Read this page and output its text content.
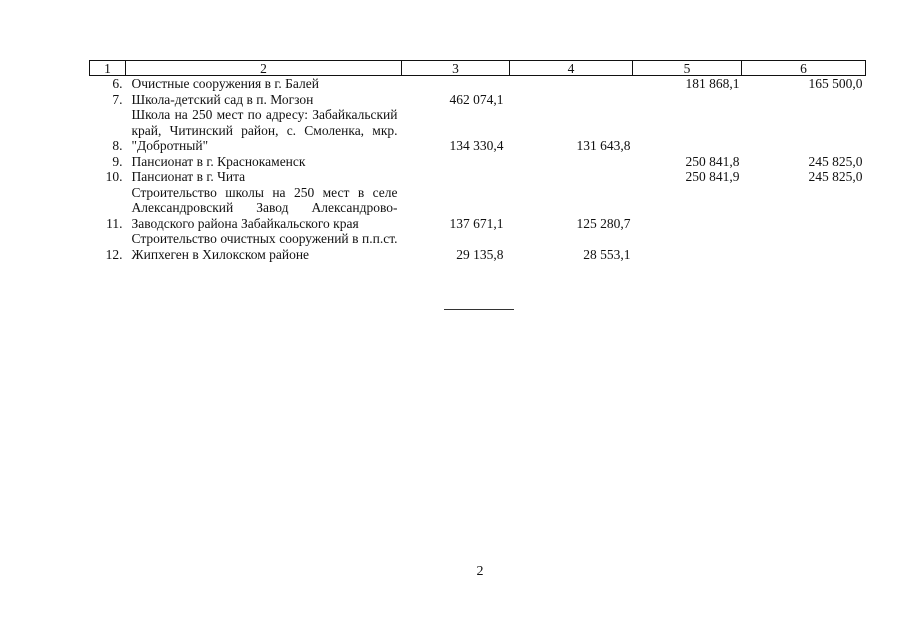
1	2	3	4	5	6
6.	Очистные сооружения в г. Балей			181 868,1	165 500,0
7.	Школа-детский сад в п. Могзон	462 074,1			
8.	Школа на 250 мест по адресу: Забайкальский край, Читинский район, с. Смоленка, мкр. "Добротный"	134 330,4	131 643,8		
9.	Пансионат в г. Краснокаменск			250 841,8	245 825,0
10.	Пансионат в г. Чита			250 841,9	245 825,0
11.	Строительство школы на 250 мест в селе Александровский Завод Александрово-Заводского района Забайкальского края	137 671,1	125 280,7		
12.	Строительство очистных сооружений в п.п.ст. Жипхеген в Хилокском районе	29 135,8	28 553,1		
2
